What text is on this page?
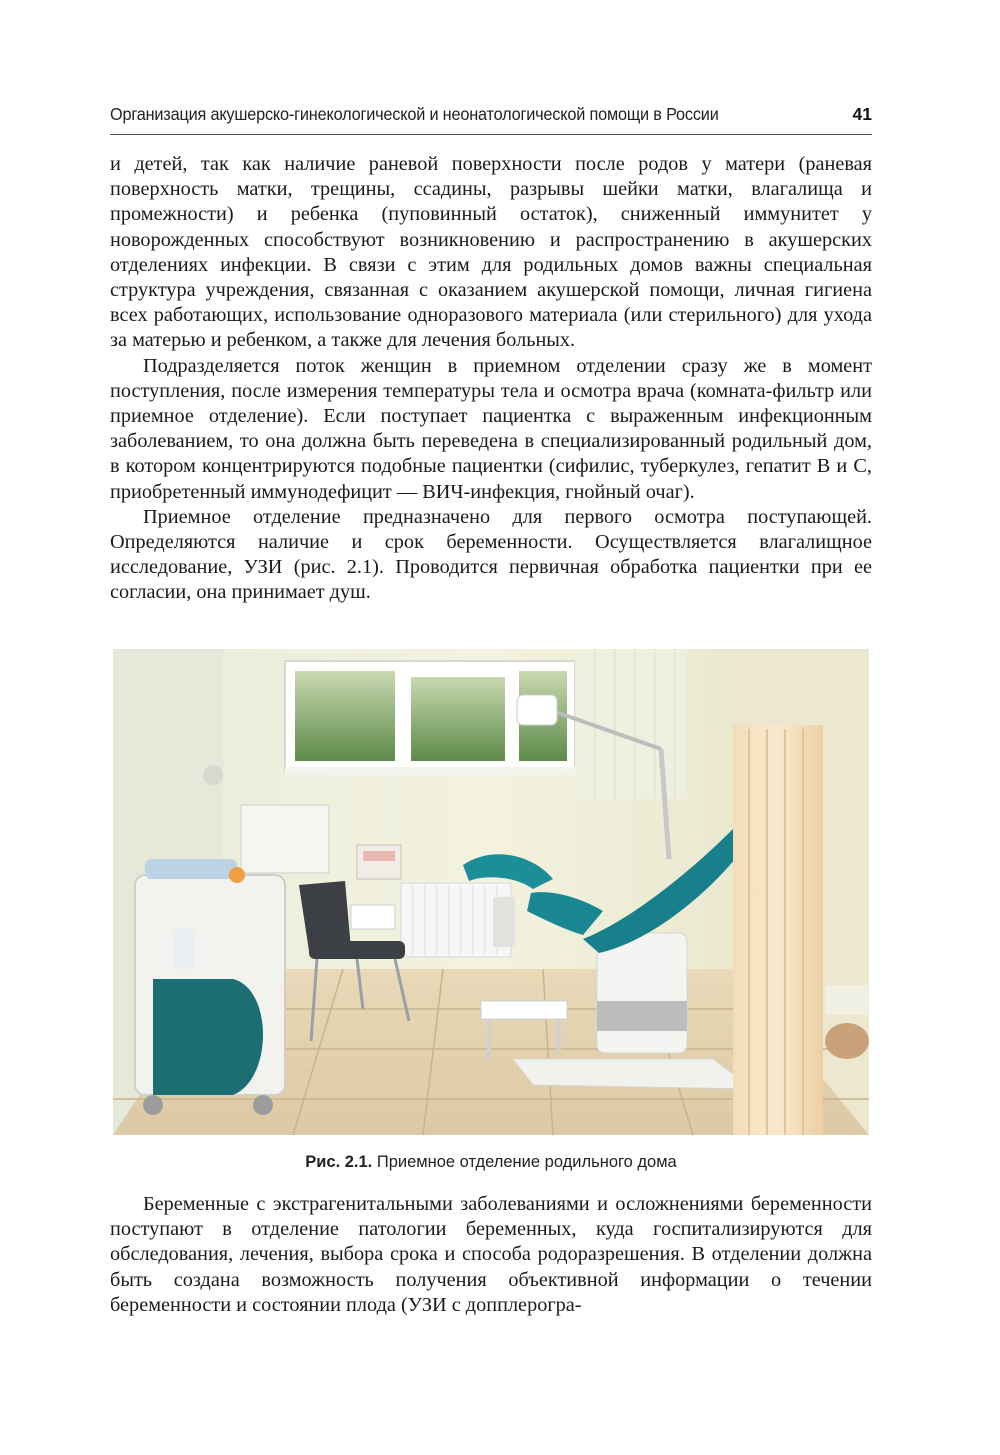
Организация акушерско-гинекологической и неонатологической помощи в России	41

и детей, так как наличие раневой поверхности после родов у матери (раневая поверхность матки, трещины, ссадины, разрывы шейки матки, влагалища и промежности) и ребенка (пуповинный остаток), сниженный иммунитет у новорожденных способствуют возникновению и распространению в акушерских отделениях инфекции. В связи с этим для родильных домов важны специальная структура учреждения, связанная с оказанием акушерской помощи, личная гигиена всех работающих, использование одноразового материала (или стерильного) для ухода за матерью и ребенком, а также для лечения больных.

Подразделяется поток женщин в приемном отделении сразу же в момент поступления, после измерения температуры тела и осмотра врача (комната-фильтр или приемное отделение). Если поступает пациентка с выраженным инфекционным заболеванием, то она должна быть переведена в специализированный родильный дом, в котором концентрируются подобные пациентки (сифилис, туберкулез, гепатит В и С, приобретенный иммунодефицит — ВИЧ-инфекция, гнойный очаг).

Приемное отделение предназначено для первого осмотра поступающей. Определяются наличие и срок беременности. Осуществляется влагалищное исследование, УЗИ (рис. 2.1). Проводится первичная обработка пациентки при ее согласии, она принимает душ.

Рис. 2.1. Приемное отделение родильного дома

Беременные с экстрагенитальными заболеваниями и осложнениями беременности поступают в отделение патологии беременных, куда госпитализируются для обследования, лечения, выбора срока и способа родоразрешения. В отделении должна быть создана возможность получения объективной информации о течении беременности и состоянии плода (УЗИ с допплерогра-
